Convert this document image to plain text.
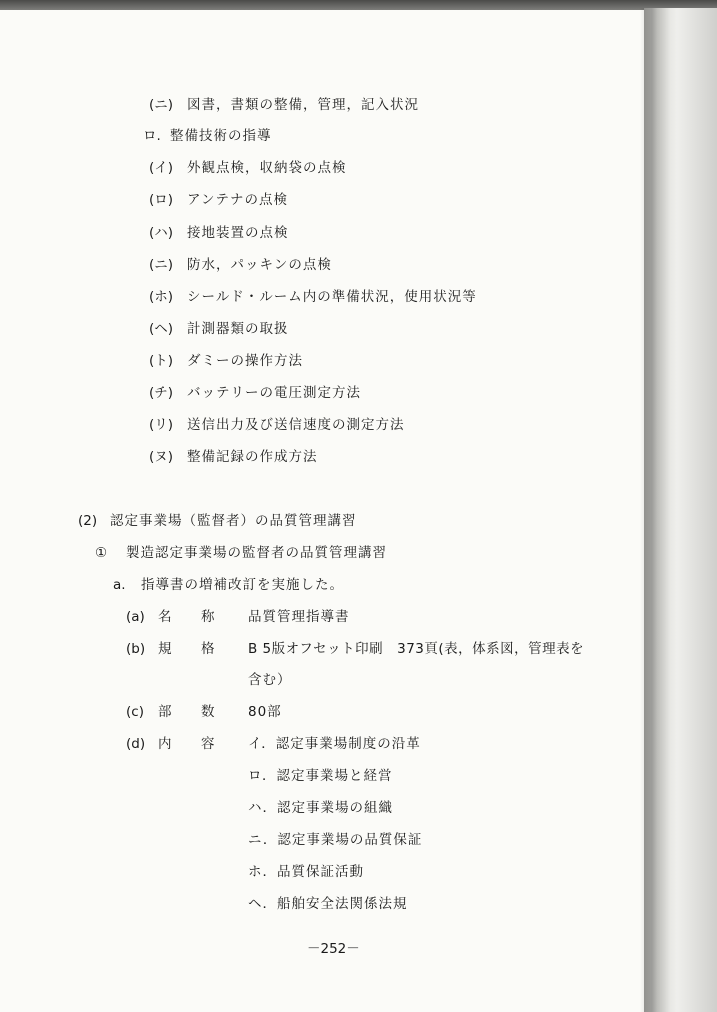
(ニ) 図書，書類の整備，管理，記入状況
ロ. 整備技術の指導
(イ) 外観点検，収納袋の点検
(ロ) アンテナの点検
(ハ) 接地装置の点検
(ニ) 防水，パッキンの点検
(ホ) シールド・ルーム内の準備状況，使用状況等
(ヘ) 計測器類の取扱
(ト) ダミーの操作方法
(チ) バッテリーの電圧測定方法
(リ) 送信出力及び送信速度の測定方法
(ヌ) 整備記録の作成方法
(2) 認定事業場（監督者）の品質管理講習
① 製造認定事業場の監督者の品質管理講習
a. 指導書の増補改訂を実施した。
(a) 名 称 品質管理指導書
(b) 規 格 B 5版オフセット印刷　373頁(表，体系図，管理表を
含む）
(c) 部 数 80部
(d) 内 容 イ．認定事業場制度の沿革
ロ．認定事業場と経営
ハ．認定事業場の組織
ニ．認定事業場の品質保証
ホ．品質保証活動
ヘ．船舶安全法関係法規
－252－
